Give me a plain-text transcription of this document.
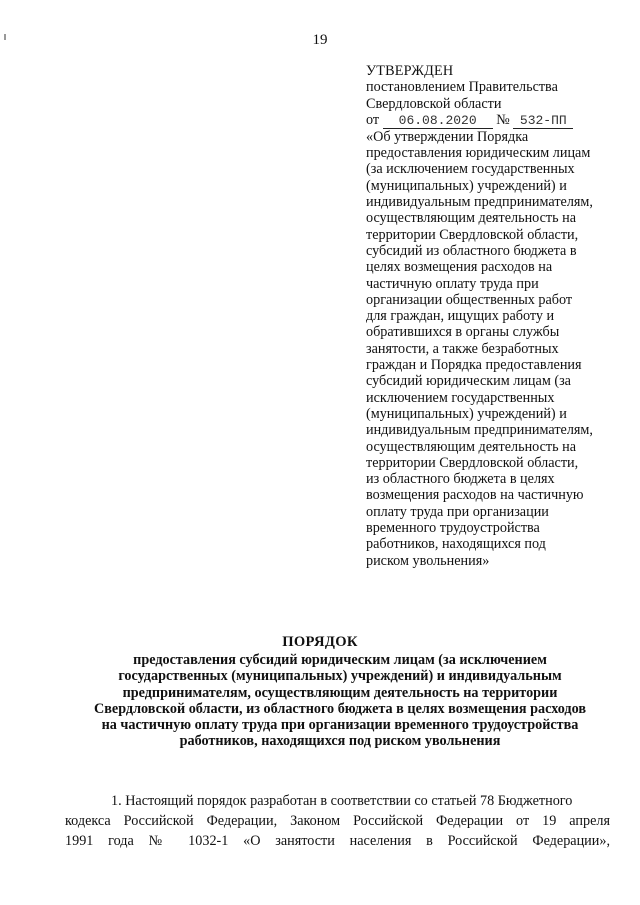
19
УТВЕРЖДЕН
постановлением Правительства
Свердловской области
от 06.08.2020 № 532-ПП
«Об утверждении Порядка
предоставления юридическим лицам
(за исключением государственных
(муниципальных) учреждений) и
индивидуальным предпринимателям,
осуществляющим деятельность на
территории Свердловской области,
субсидий из областного бюджета в
целях возмещения расходов на
частичную оплату труда при
организации общественных работ
для граждан, ищущих работу и
обратившихся в органы службы
занятости, а также безработных
граждан и Порядка предоставления
субсидий юридическим лицам (за
исключением государственных
(муниципальных) учреждений) и
индивидуальным предпринимателям,
осуществляющим деятельность на
территории Свердловской области,
из областного бюджета в целях
возмещения расходов на частичную
оплату труда при организации
временного трудоустройства
работников, находящихся под
риском увольнения»
ПОРЯДОК
предоставления субсидий юридическим лицам (за исключением
государственных (муниципальных) учреждений) и индивидуальным
предпринимателям, осуществляющим деятельность на территории
Свердловской области, из областного бюджета в целях возмещения расходов
на частичную оплату труда при организации временного трудоустройства
работников, находящихся под риском увольнения
1. Настоящий порядок разработан в соответствии со статьей 78 Бюджетного
кодекса Российской Федерации, Законом Российской Федерации от 19 апреля
1991 года № 1032-1 «О занятости населения в Российской Федерации»,
